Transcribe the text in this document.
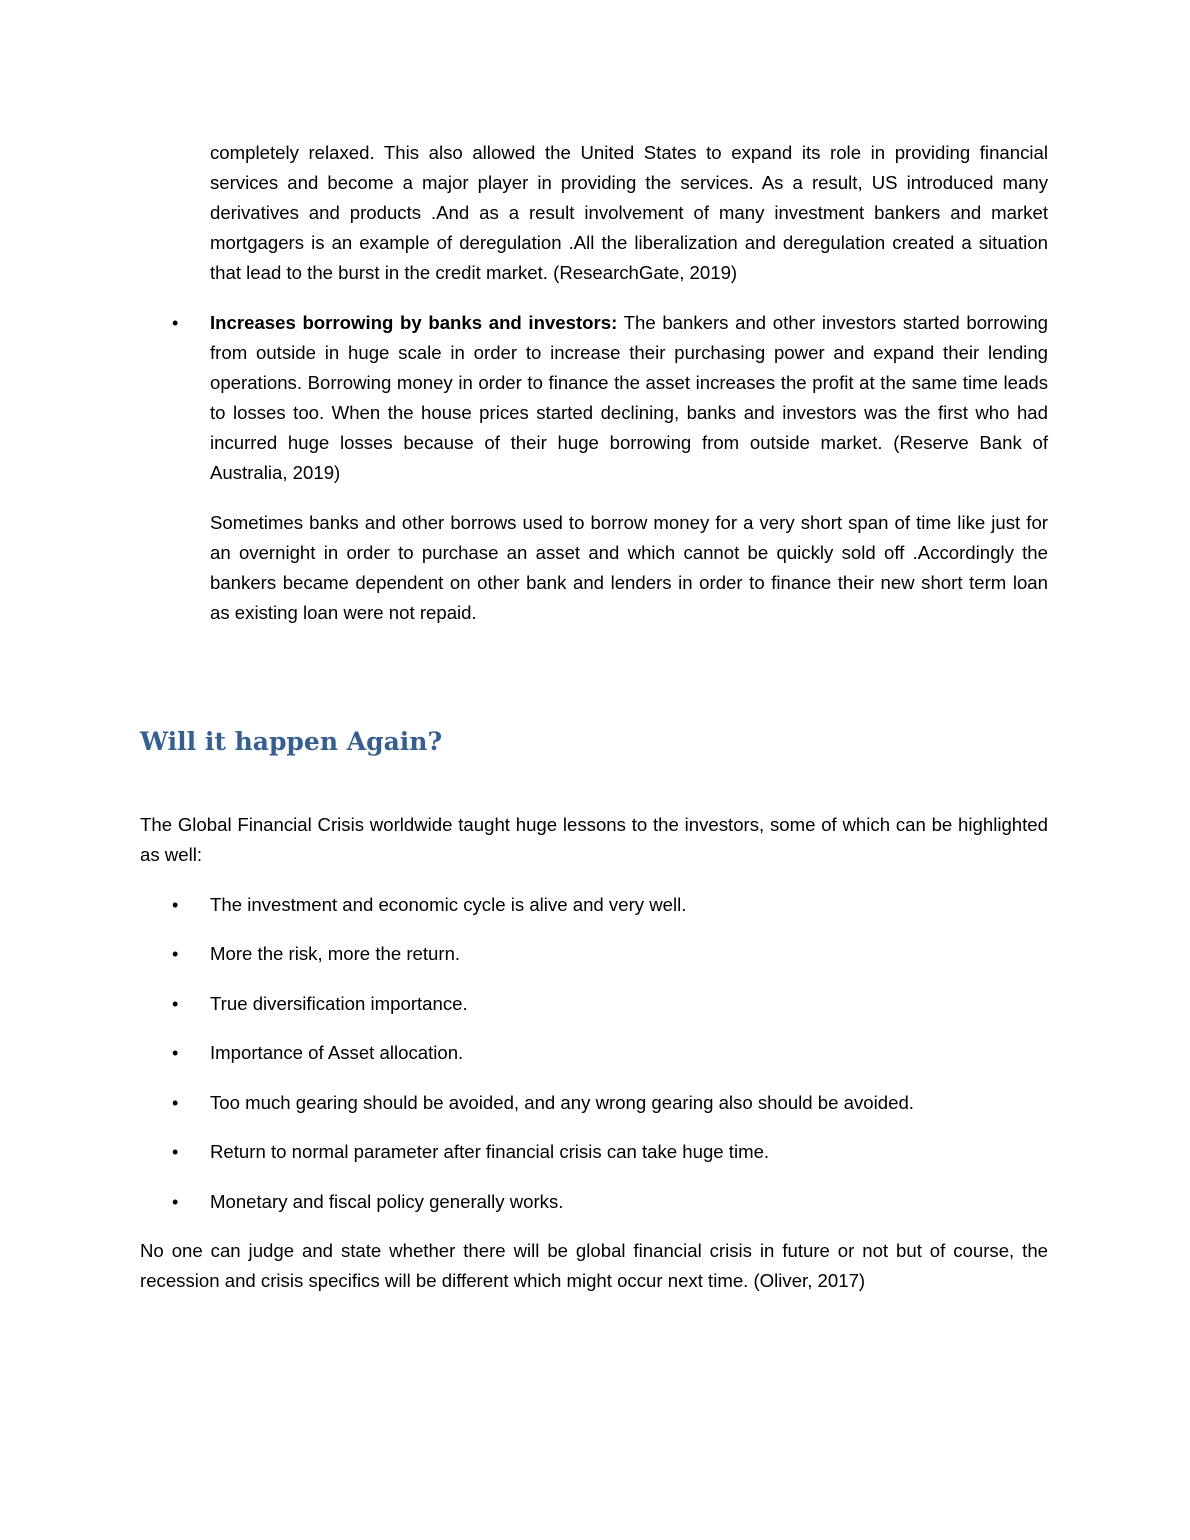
completely relaxed. This also allowed the United States to expand its role in providing financial services and become a major player in providing the services. As a result, US introduced many derivatives and products .And as a result involvement of many investment bankers and market mortgagers is an example of deregulation .All the liberalization and deregulation created a situation that lead to the burst in the credit market. (ResearchGate, 2019)

• Increases borrowing by banks and investors: The bankers and other investors started borrowing from outside in huge scale in order to increase their purchasing power and expand their lending operations. Borrowing money in order to finance the asset increases the profit at the same time leads to losses too. When the house prices started declining, banks and investors was the first who had incurred huge losses because of their huge borrowing from outside market. (Reserve Bank of Australia, 2019)

Sometimes banks and other borrows used to borrow money for a very short span of time like just for an overnight in order to purchase an asset and which cannot be quickly sold off .Accordingly the bankers became dependent on other bank and lenders in order to finance their new short term loan as existing loan were not repaid.

Will it happen Again?

The Global Financial Crisis worldwide taught huge lessons to the investors, some of which can be highlighted as well:

• The investment and economic cycle is alive and very well.

• More the risk, more the return.

• True diversification importance.

• Importance of Asset allocation.

• Too much gearing should be avoided, and any wrong gearing also should be avoided.

• Return to normal parameter after financial crisis can take huge time.

• Monetary and fiscal policy generally works.

No one can judge and state whether there will be global financial crisis in future or not but of course, the recession and crisis specifics will be different which might occur next time. (Oliver, 2017)
